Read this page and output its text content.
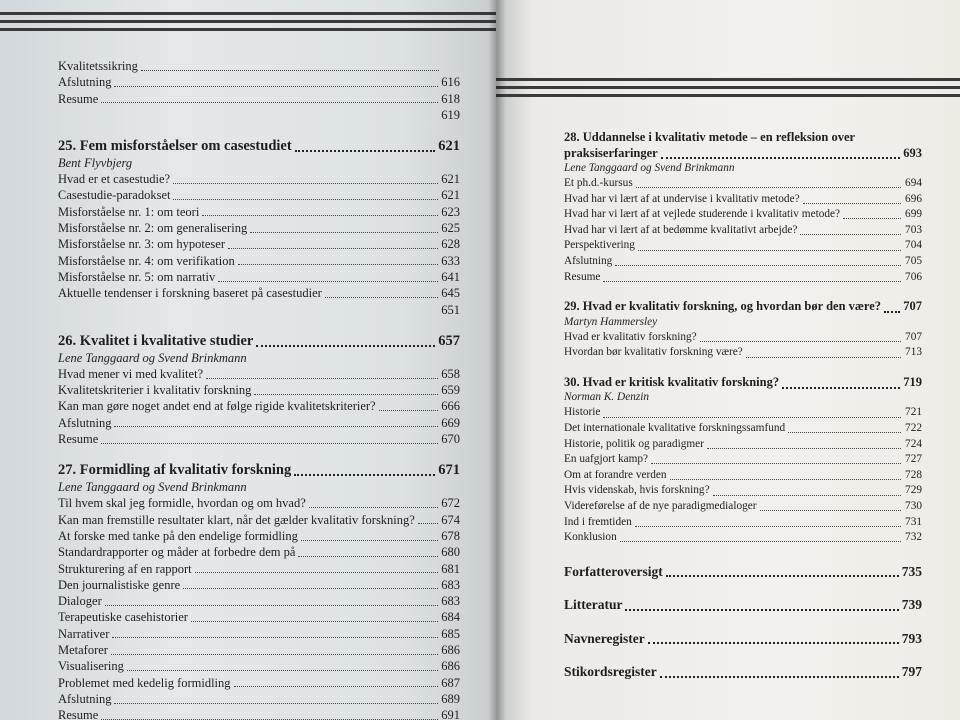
Kvalitetssikring
Afslutning	616
Resume	618
619
25. Fem misforståelser om casestudiet	621
Bent Flyvbjerg
Hvad er et casestudie?	621
Casestudie-paradokset	621
Misforståelse nr. 1: om teori	623
Misforståelse nr. 2: om generalisering	625
Misforståelse nr. 3: om hypoteser	628
Misforståelse nr. 4: om verifikation	633
Misforståelse nr. 5: om narrativ	641
Aktuelle tendenser i forskning baseret på casestudier	645
651
26. Kvalitet i kvalitative studier	657
Lene Tanggaard og Svend Brinkmann
Hvad mener vi med kvalitet?	658
Kvalitetskriterier i kvalitativ forskning	659
Kan man gøre noget andet end at følge rigide kvalitetskriterier?	666
Afslutning	669
Resume	670
27. Formidling af kvalitativ forskning	671
Lene Tanggaard og Svend Brinkmann
Til hvem skal jeg formidle, hvordan og om hvad?	672
Kan man fremstille resultater klart, når det gælder kvalitativ forskning? 674
At forske med tanke på den endelige formidling	678
Standardrapporter og måder at forbedre dem på	680
Strukturering af en rapport	681
Den journalistiske genre	683
Dialoger	683
Terapeutiske casehistorier	684
Narrativer	685
Metaforer	686
Visualisering	686
Problemet med kedelig formidling	687
Afslutning	689
Resume	691
28. Uddannelse i kvalitativ metode – en refleksion over
praksiserfaringer	693
Lene Tanggaard og Svend Brinkmann
Et ph.d.-kursus	694
Hvad har vi lært af at undervise i kvalitativ metode?	696
Hvad har vi lært af at vejlede studerende i kvalitativ metode?	699
Hvad har vi lært af at bedømme kvalitativt arbejde?	703
Perspektivering	704
Afslutning	705
Resume	706
29. Hvad er kvalitativ forskning, og hvordan bør den være? 707
Martyn Hammersley
Hvad er kvalitativ forskning?	707
Hvordan bør kvalitativ forskning være?	713
30. Hvad er kritisk kvalitativ forskning?	719
Norman K. Denzin
Historie	721
Det internationale kvalitative forskningssamfund	722
Historie, politik og paradigmer	724
En uafgjort kamp?	727
Om at forandre verden	728
Hvis videnskab, hvis forskning?	729
Videreførelse af de nye paradigmedialoger	730
Ind i fremtiden	731
Konklusion	732
Forfatteroversigt	735
Litteratur	739
Navneregister	793
Stikordsregister	797
